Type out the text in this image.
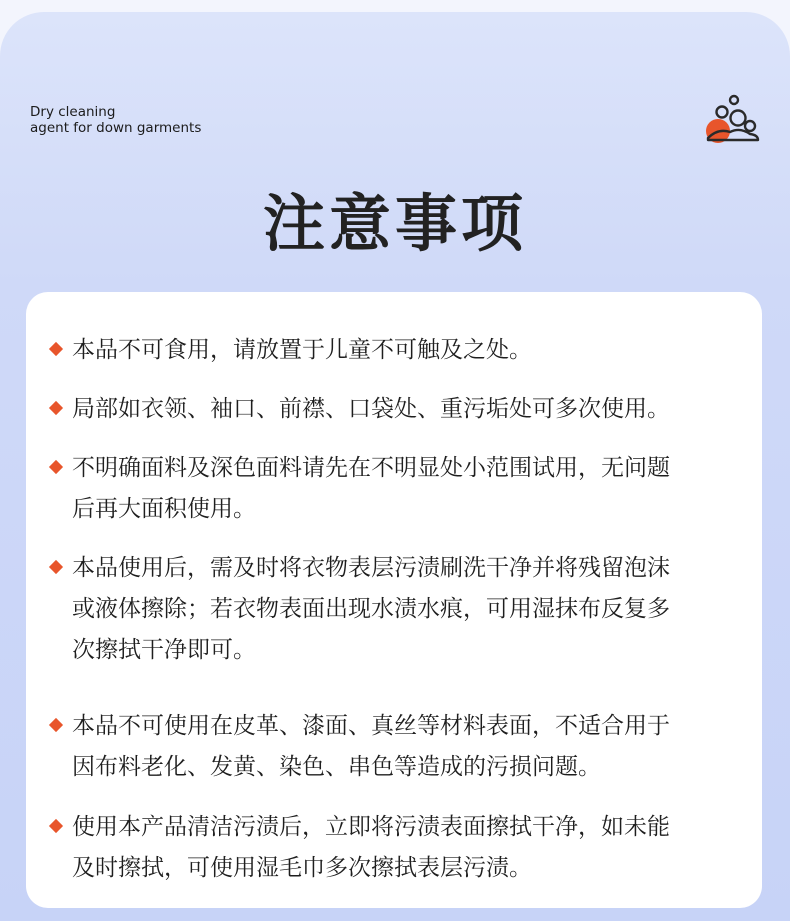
Dry cleaning
agent for down garments
注意事项
本品不可食用，请放置于儿童不可触及之处。
局部如衣领、袖口、前襟、口袋处、重污垢处可多次使用。
不明确面料及深色面料请先在不明显处小范围试用，无问题
后再大面积使用。
本品使用后，需及时将衣物表层污渍刷洗干净并将残留泡沫
或液体擦除；若衣物表面出现水渍水痕，可用湿抹布反复多
次擦拭干净即可。
本品不可使用在皮革、漆面、真丝等材料表面，不适合用于
因布料老化、发黄、染色、串色等造成的污损问题。
使用本产品清洁污渍后，立即将污渍表面擦拭干净，如未能
及时擦拭，可使用湿毛巾多次擦拭表层污渍。
